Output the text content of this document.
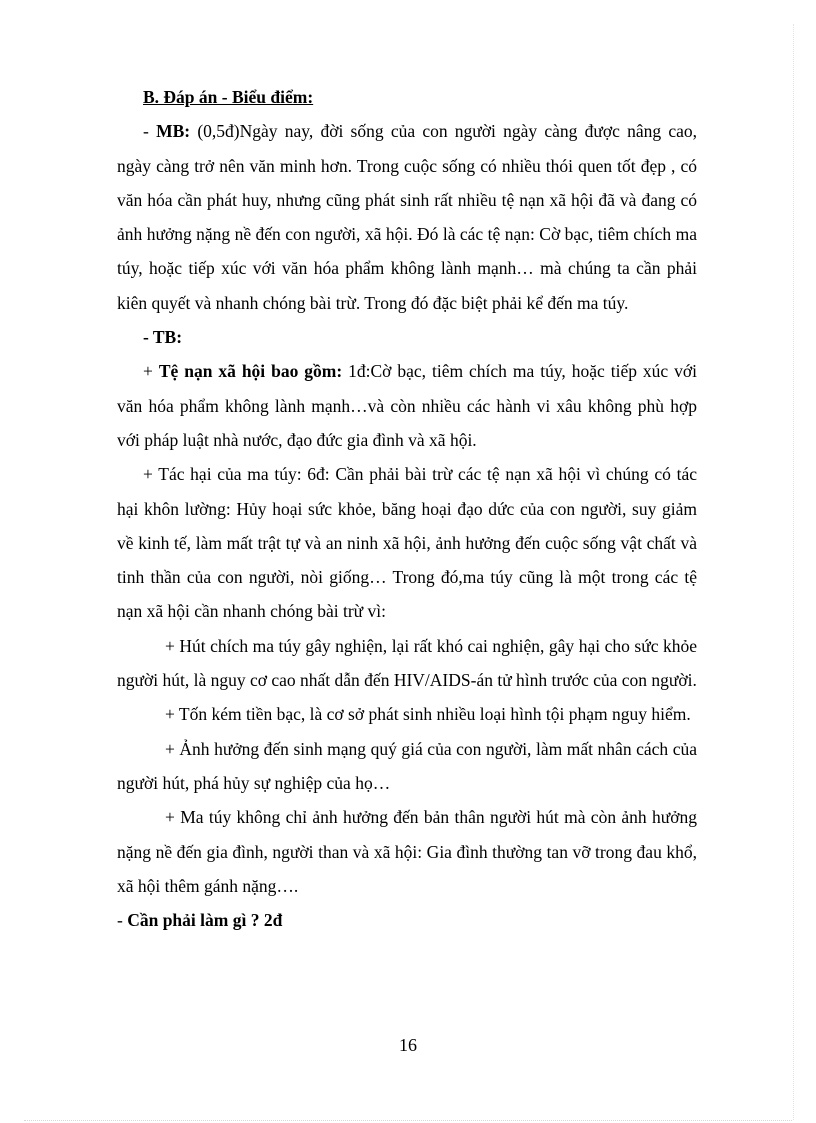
B. Đáp án - Biểu điểm:

- MB: (0,5đ)Ngày nay, đời sống của con người ngày càng được nâng cao, ngày càng trở nên văn minh hơn. Trong cuộc sống có nhiều thói quen tốt đẹp , có văn hóa cần phát huy, nhưng cũng phát sinh rất nhiều tệ nạn xã hội đã và đang có ảnh hưởng nặng nề đến con người, xã hội. Đó là các tệ nạn: Cờ bạc, tiêm chích ma túy, hoặc tiếp xúc với văn hóa phẩm không lành mạnh… mà chúng ta cần phải kiên quyết và nhanh chóng bài trừ. Trong đó đặc biệt phải kể đến ma túy.

- TB:

+ Tệ nạn xã hội bao gồm: 1đ:Cờ bạc, tiêm chích ma túy, hoặc tiếp xúc với văn hóa phẩm không lành mạnh…và còn nhiều các hành vi xâu không phù hợp với pháp luật nhà nước, đạo đức gia đình và xã hội.

+ Tác hại của ma túy: 6đ: Cần phải bài trừ các tệ nạn xã hội vì chúng có tác hại khôn lường: Hủy hoại sức khỏe, băng hoại đạo dức của con người, suy giảm về kinh tế, làm mất trật tự và an ninh xã hội, ảnh hưởng đến cuộc sống vật chất và tinh thần của con người, nòi giống… Trong đó,ma túy cũng là một trong các tệ nạn xã hội cần nhanh chóng bài trừ vì:

+ Hút chích ma túy gây nghiện, lại rất khó cai nghiện, gây hại cho sức khỏe người hút, là nguy cơ cao nhất dẫn đến HIV/AIDS-án tử hình trước của con người.

+ Tốn kém tiền bạc, là cơ sở phát sinh nhiều loại hình tội phạm nguy hiểm.

+ Ảnh hưởng đến sinh mạng quý giá của con người, làm mất nhân cách của người hút, phá hủy sự nghiệp của họ…

+ Ma túy không chỉ ảnh hưởng đến bản thân người hút mà còn ảnh hưởng nặng nề đến gia đình, người than và xã hội: Gia đình thường tan vỡ trong đau khổ, xã hội thêm gánh nặng….

- Cần phải làm gì ? 2đ

16
